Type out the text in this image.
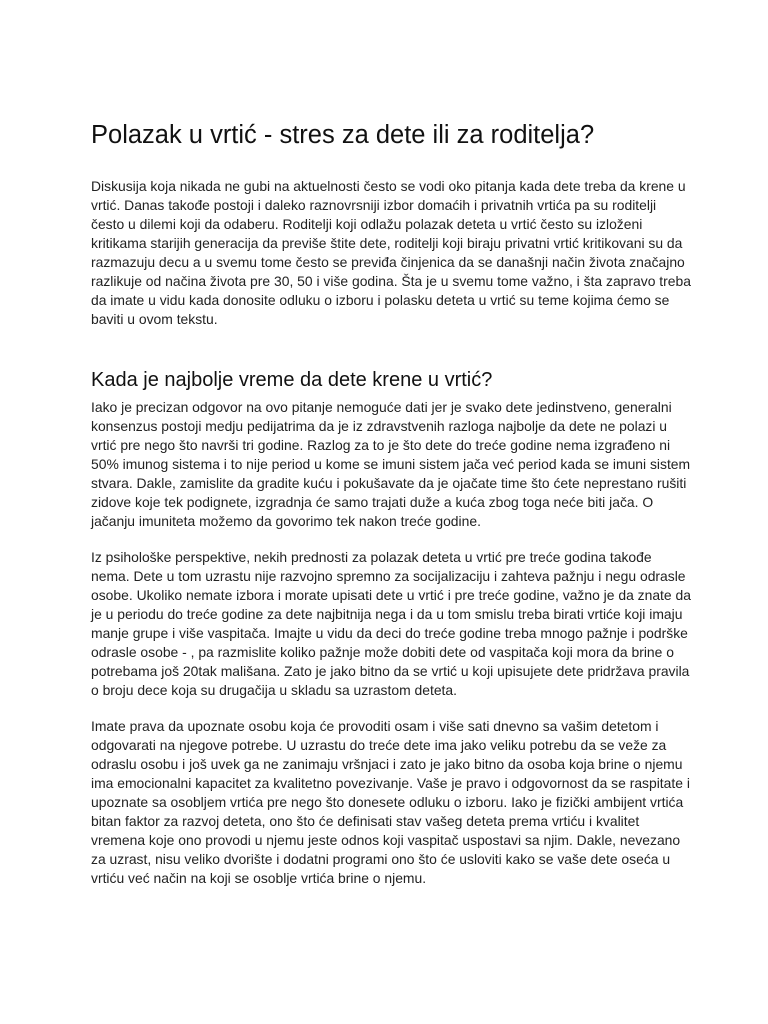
Polazak u vrtić - stres za dete ili za roditelja?

Diskusija koja nikada ne gubi na aktuelnosti često se vodi oko pitanja kada dete treba da krene u vrtić. Danas takođe postoji i daleko raznovrsniji izbor domaćih i privatnih vrtića pa su roditelji često u dilemi koji da odaberu. Roditelji koji odlažu polazak deteta u vrtić često su izloženi kritikama starijih generacija da previše štite dete, roditelji koji biraju privatni vrtić kritikovani su da razmazuju decu a u svemu tome često se previđa činjenica da se današnji način života značajno razlikuje od načina života pre 30, 50 i više godina. Šta je u svemu tome važno, i šta zapravo treba da imate u vidu kada donosite odluku o izboru i polasku deteta u vrtić su teme kojima ćemo se baviti u ovom tekstu.

Kada je najbolje vreme da dete krene u vrtić?

Iako je precizan odgovor na ovo pitanje nemoguće dati jer je svako dete jedinstveno, generalni konsenzus postoji medju pedijatrima da je iz zdravstvenih razloga najbolje da dete ne polazi u vrtić pre nego što navrši tri godine. Razlog za to je što dete do treće godine nema izgrađeno ni 50% imunog sistema i to nije period u kome se imuni sistem jača već period kada se imuni sistem stvara. Dakle, zamislite da gradite kuću i pokušavate da je ojačate time što ćete neprestano rušiti zidove koje tek podignete, izgradnja će samo trajati duže a kuća zbog toga neće biti jača. O jačanju imuniteta možemo da govorimo tek nakon treće godine.

Iz psihološke perspektive, nekih prednosti za polazak deteta u vrtić pre treće godina takođe nema. Dete u tom uzrastu nije razvojno spremno za socijalizaciju i zahteva pažnju i negu odrasle osobe. Ukoliko nemate izbora i morate upisati dete u vrtić i pre treće godine, važno je da znate da je u periodu do treće godine za dete najbitnija nega i da u tom smislu treba birati vrtiće koji imaju manje grupe i više vaspitača. Imajte u vidu da deci do treće godine treba mnogo pažnje i podrške odrasle osobe - , pa razmislite koliko pažnje može dobiti dete od vaspitača koji mora da brine o potrebama još 20tak mališana. Zato je jako bitno da se vrtić u koji upisujete dete pridržava pravila o broju dece koja su drugačija u skladu sa uzrastom deteta.

Imate prava da upoznate osobu koja će provoditi osam i više sati dnevno sa vašim detetom i odgovarati na njegove potrebe. U uzrastu do treće dete ima jako veliku potrebu da se veže za odraslu osobu i još uvek ga ne zanimaju vršnjaci i zato je jako bitno da osoba koja brine o njemu ima emocionalni kapacitet za kvalitetno povezivanje. Vaše je pravo i odgovornost da se raspitate i upoznate sa osobljem vrtića pre nego što donesete odluku o izboru. Iako je fizički ambijent vrtića bitan faktor za razvoj deteta, ono što će definisati stav vašeg deteta prema vrtiću i kvalitet vremena koje ono provodi u njemu jeste odnos koji vaspitač uspostavi sa njim. Dakle, nevezano za uzrast, nisu veliko dvorište i dodatni programi ono što će usloviti kako se vaše dete oseća u vrtiću već način na koji se osoblje vrtića brine o njemu.
